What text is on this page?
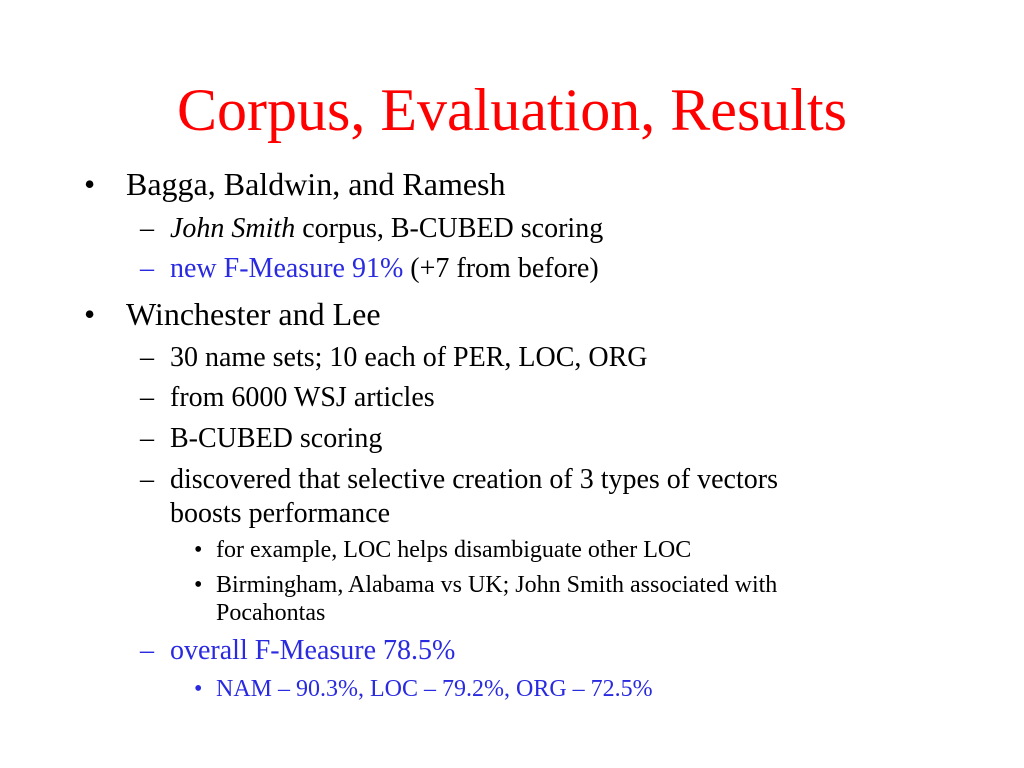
Corpus, Evaluation, Results
• Bagga, Baldwin, and Ramesh
– John Smith corpus, B-CUBED scoring
– new F-Measure 91% (+7 from before)
• Winchester and Lee
– 30 name sets; 10 each of PER, LOC, ORG
– from 6000 WSJ articles
– B-CUBED scoring
– discovered that selective creation of 3 types of vectors
boosts performance
• for example, LOC helps disambiguate other LOC
• Birmingham, Alabama vs UK; John Smith associated with
Pocahontas
– overall F-Measure 78.5%
• NAM – 90.3%, LOC – 79.2%, ORG – 72.5%
